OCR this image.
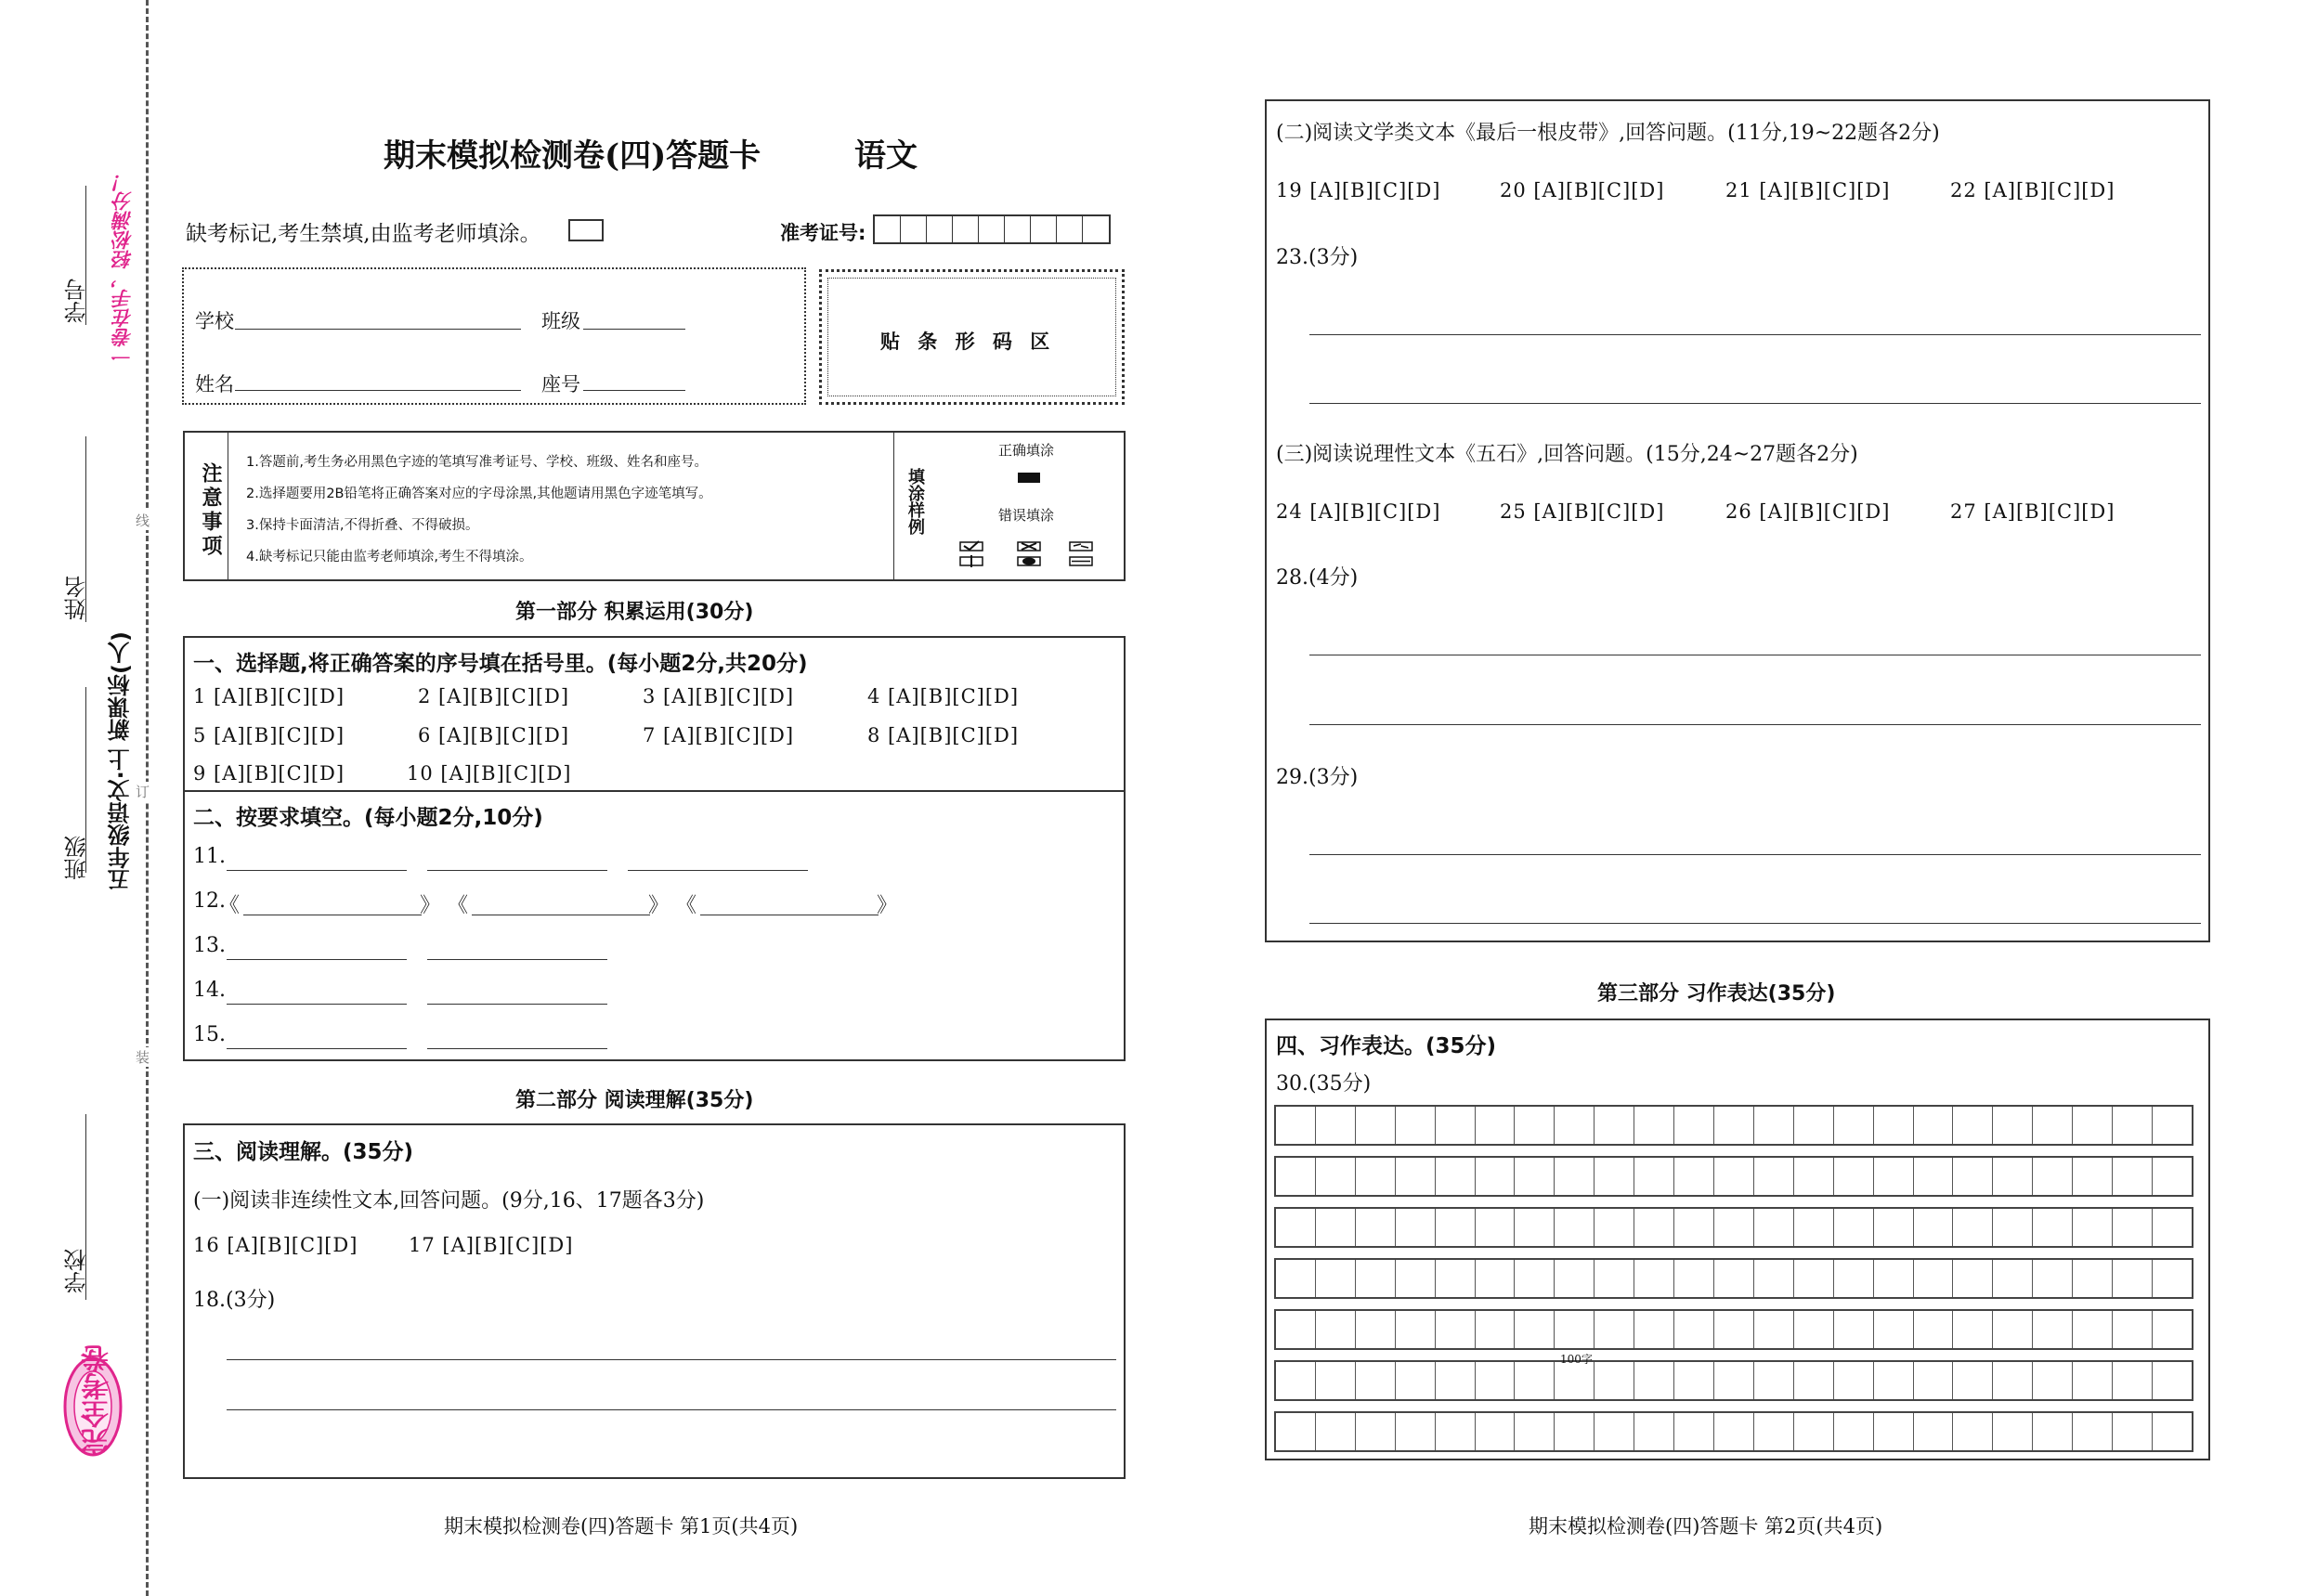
学号
姓名
班级
学校
五年级语文·上 新课标(人)
一卷在手，轻松满分！
线
订
装
完全考卷
期末模拟检测卷(四)答题卡	语文
缺考标记,考生禁填,由监考老师填涂。	准考证号:
学校	班级
姓名	座号
贴 条 形 码 区
注意事项 1.答题前,考生务必用黑色字迹的笔填写准考证号、学校、班级、姓名和座号。
2.选择题要用2B铅笔将正确答案对应的字母涂黑,其他题请用黑色字迹笔填写。
3.保持卡面清洁,不得折叠、不得破损。
4.缺考标记只能由监考老师填涂,考生不得填涂。
填涂样例
正确填涂
错误填涂
第一部分 积累运用(30分)
一、选择题,将正确答案的序号填在括号里。(每小题2分,共20分)
1 [A][B][C][D]	2 [A][B][C][D]	3 [A][B][C][D]	4 [A][B][C][D]
5 [A][B][C][D]	6 [A][B][C][D]	7 [A][B][C][D]	8 [A][B][C][D]
9 [A][B][C][D]	10 [A][B][C][D]
二、按要求填空。(每小题2分,10分)
11.
12.
《	》 《	》 《	》
13.
14.
15.
第二部分 阅读理解(35分)
三、阅读理解。(35分)
(一)阅读非连续性文本,回答问题。(9分,16、17题各3分)
16 [A][B][C][D]	17 [A][B][C][D]
18.(3分)
期末模拟检测卷(四)答题卡 第1页(共4页)
(二)阅读文学类文本《最后一根皮带》,回答问题。(11分,19~22题各2分)
19 [A][B][C][D]	20 [A][B][C][D]	21 [A][B][C][D]	22 [A][B][C][D]
23.(3分)
(三)阅读说理性文本《五石》,回答问题。(15分,24~27题各2分)
24 [A][B][C][D]	25 [A][B][C][D]	26 [A][B][C][D]	27 [A][B][C][D]
28.(4分)
29.(3分)
第三部分 习作表达(35分)
四、习作表达。(35分)
30.(35分)
100字
期末模拟检测卷(四)答题卡 第2页(共4页)
